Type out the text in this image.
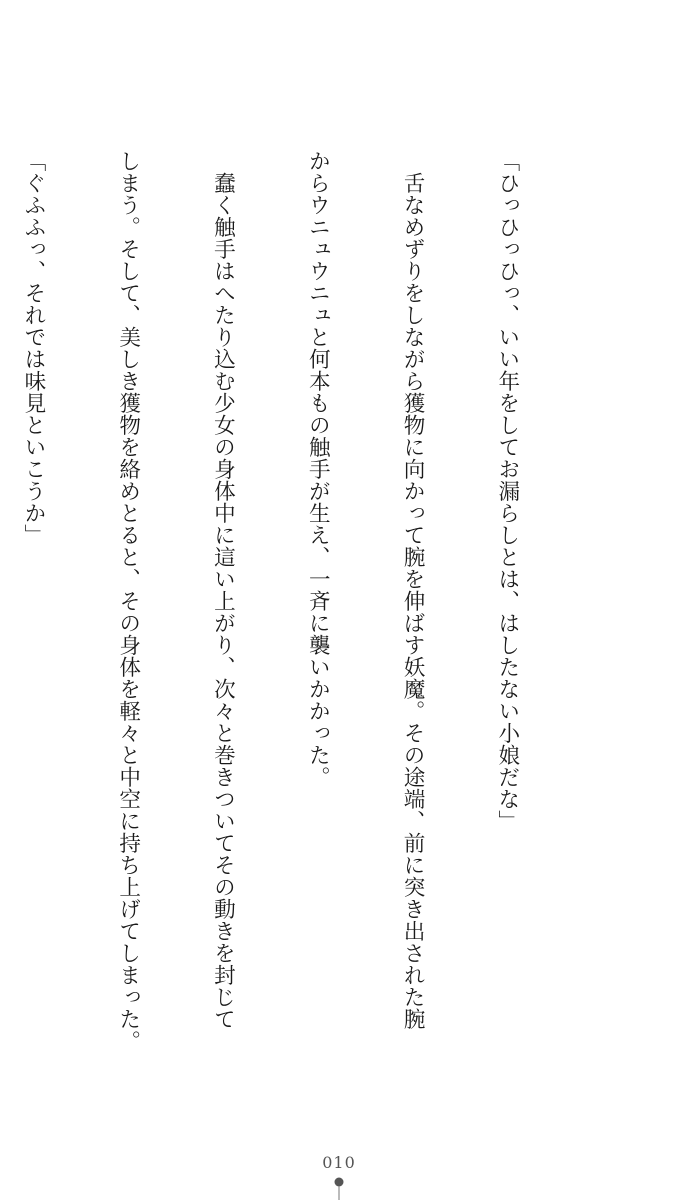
「ひっひっひっ、いい年をしてお漏らしとは、はしたない小娘だな」

　舌なめずりをしながら獲物に向かって腕を伸ばす妖魔。その途端、前に突き出された腕

からウニュウニュと何本もの触手が生え、一斉に襲いかかった。

　蠢く触手はへたり込む少女の身体中に這い上がり、次々と巻きついてその動きを封じて

しまう。そして、美しき獲物を絡めとると、その身体を軽々と中空に持ち上げてしまった。

「ぐふふっ、それでは味見といこうか」

010
